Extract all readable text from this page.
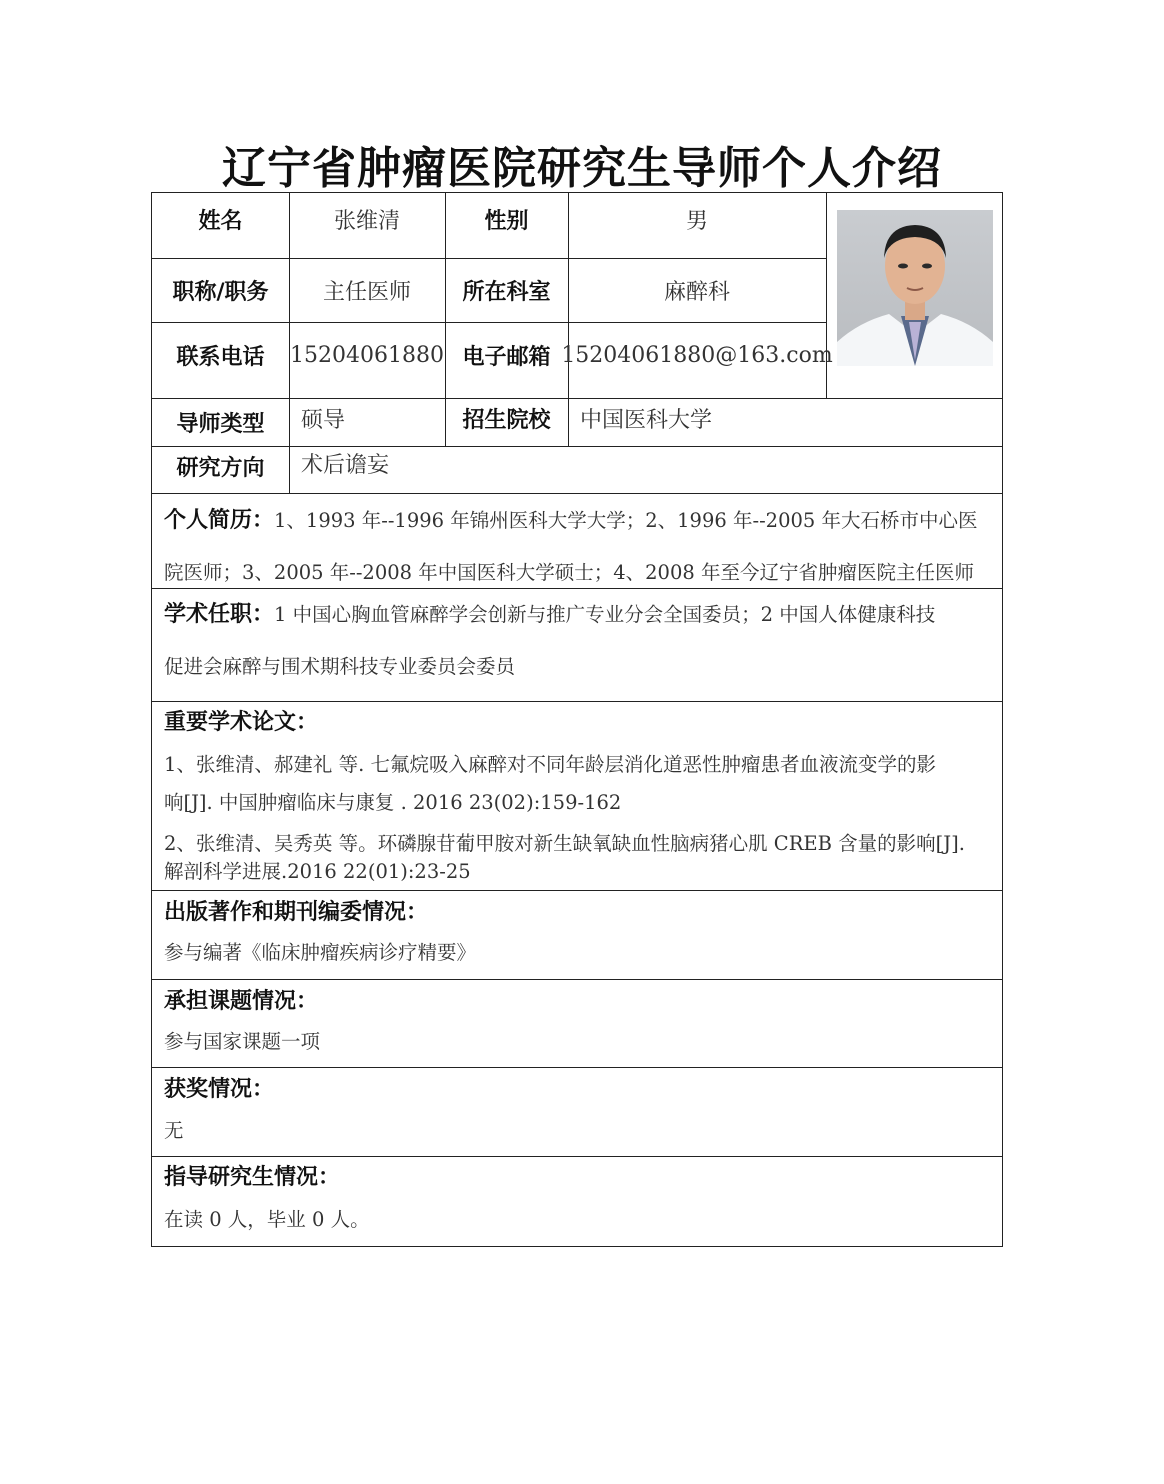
辽宁省肿瘤医院研究生导师个人介绍
姓名	张维清	性别	男
职称/职务	主任医师	所在科室	麻醉科
联系电话	15204061880 电子邮箱 15204061880@163.com
导师类型	硕导	招生院校	中国医科大学
研究方向	术后谵妄
个人简历：1、1993 年--1996 年锦州医科大学大学；2、1996 年--2005 年大石桥市中心医
院医师；3、2005 年--2008 年中国医科大学硕士；4、2008 年至今辽宁省肿瘤医院主任医师
学术任职：1 中国心胸血管麻醉学会创新与推广专业分会全国委员；2 中国人体健康科技
促进会麻醉与围术期科技专业委员会委员
重要学术论文：
1、张维清、郝建礼 等. 七氟烷吸入麻醉对不同年龄层消化道恶性肿瘤患者血液流变学的影
响[J]. 中国肿瘤临床与康复 . 2016 23(02):159-162
2、张维清、吴秀英 等。环磷腺苷葡甲胺对新生缺氧缺血性脑病猪心肌 CREB 含量的影响[J].
解剖科学进展.2016 22(01):23-25
出版著作和期刊编委情况：
参与编著《临床肿瘤疾病诊疗精要》
承担课题情况：
参与国家课题一项
获奖情况：
无
指导研究生情况：
在读 0 人，毕业 0 人。
